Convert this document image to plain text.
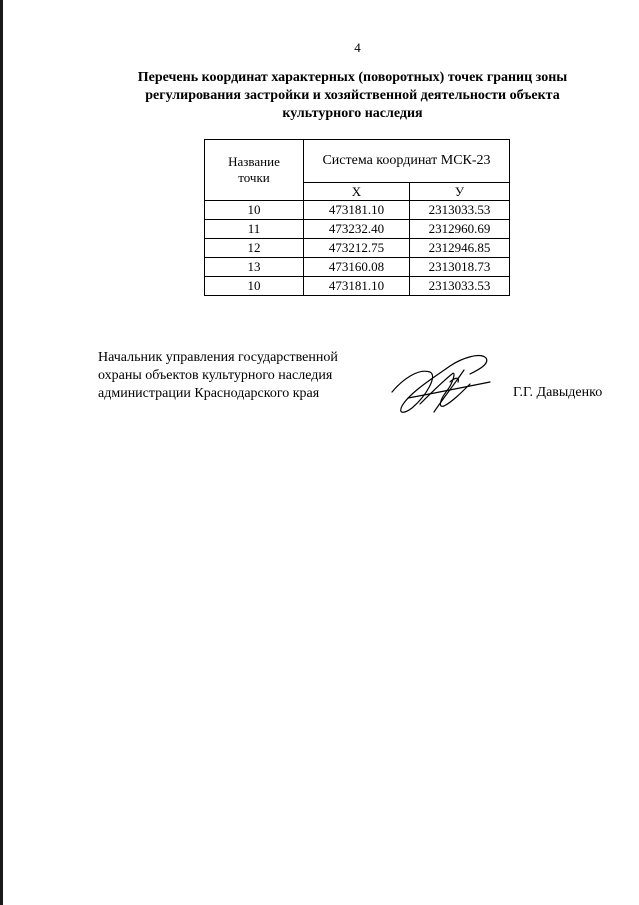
4
Перечень координат характерных (поворотных) точек границ зоны
регулирования застройки и хозяйственной деятельности объекта
культурного наследия
Название
точки	Система координат МСК-23	
	Х	У
10	473181.10	2313033.53
11	473232.40	2312960.69
12	473212.75	2312946.85
13	473160.08	2313018.73
10	473181.10	2313033.53
Начальник управления государственной
охраны объектов культурного наследия
администрации Краснодарского края	Г.Г. Давыденко
